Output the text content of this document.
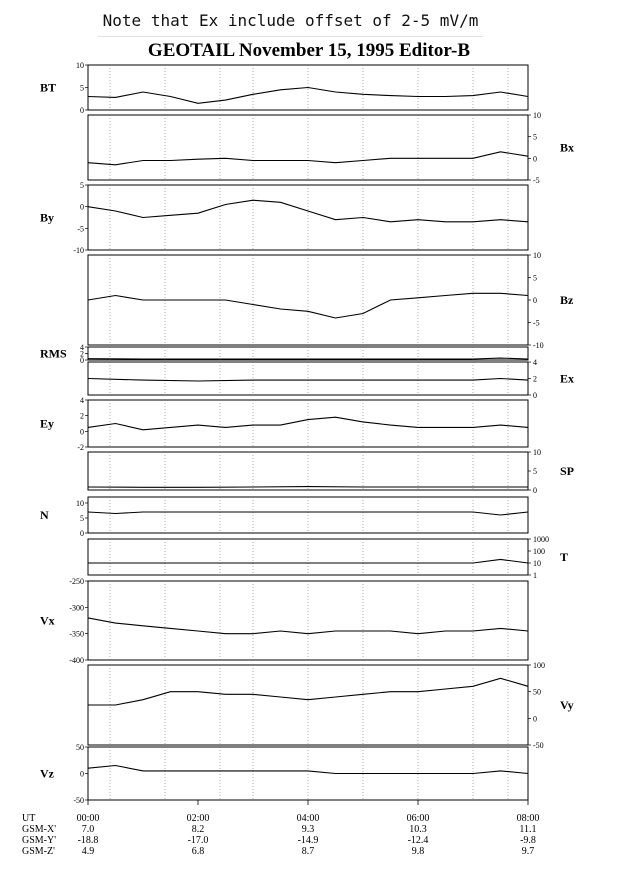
Note that Ex include offset of 2-5 mV/m
GEOTAIL November 15, 1995 Editor-B
10
5
0
BT
10
5
0
-5
Bx
5
0
-5
-10
By
10
5
0
-5
-10
Bz
4
2
0
RMS
4
2
0
Ex
4
2
0
-2
Ey
10
5
0
SP
10
5
0
N
1000
100
10
1
T
-250
-300
-350
-400
Vx
100
50
0
-50
Vy
50
0
-50
Vz
UT
GSM-X'
GSM-Y'
GSM-Z'
00:00
7.0
-18.8
4.9
02:00
8.2
-17.0
6.8
04:00
9.3
-14.9
8.7
06:00
10.3
-12.4
9.8
08:00
11.1
-9.8
9.7
